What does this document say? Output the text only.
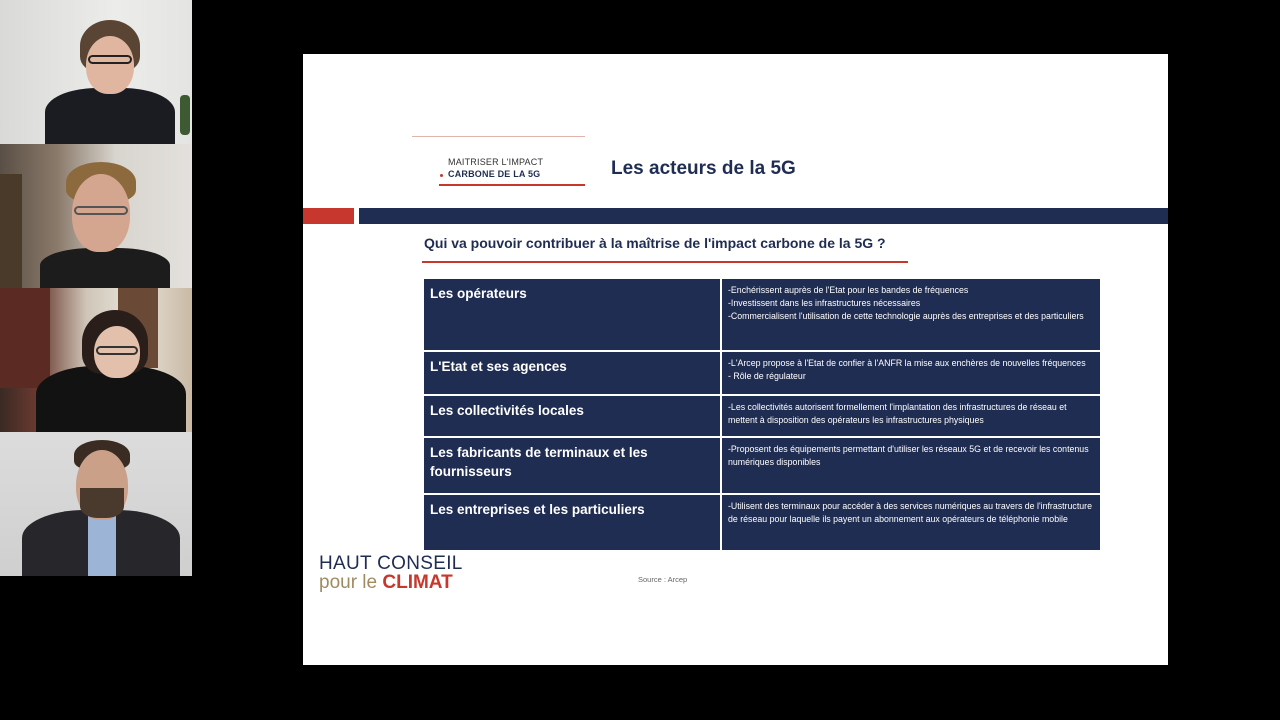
MAITRISER L'IMPACT
CARBONE DE LA 5G	Les acteurs de la 5G
Qui va pouvoir contribuer à la maîtrise de l'impact carbone de la 5G ?
Les opérateurs	-Enchérissent auprès de l'Etat pour les bandes de fréquences
-Investissent dans les infrastructures nécessaires
-Commercialisent l'utilisation de cette technologie auprès des entreprises et des particuliers

L'Etat et ses agences	-L'Arcep propose à l'Etat de confier à l'ANFR la mise aux enchères de nouvelles fréquences
- Rôle de régulateur

Les collectivités locales	-Les collectivités autorisent formellement l'implantation des infrastructures de réseau et mettent à disposition des opérateurs les infrastructures physiques

Les fabricants de terminaux et les fournisseurs	-Proposent des équipements permettant d'utiliser les réseaux 5G et de recevoir les contenus numériques disponibles

Les entreprises et les particuliers	-Utilisent des terminaux pour accéder à des services numériques au travers de l'infrastructure de réseau pour laquelle ils payent un abonnement aux opérateurs de téléphonie mobile
HAUT CONSEIL
pour le CLIMAT	Source : Arcep
